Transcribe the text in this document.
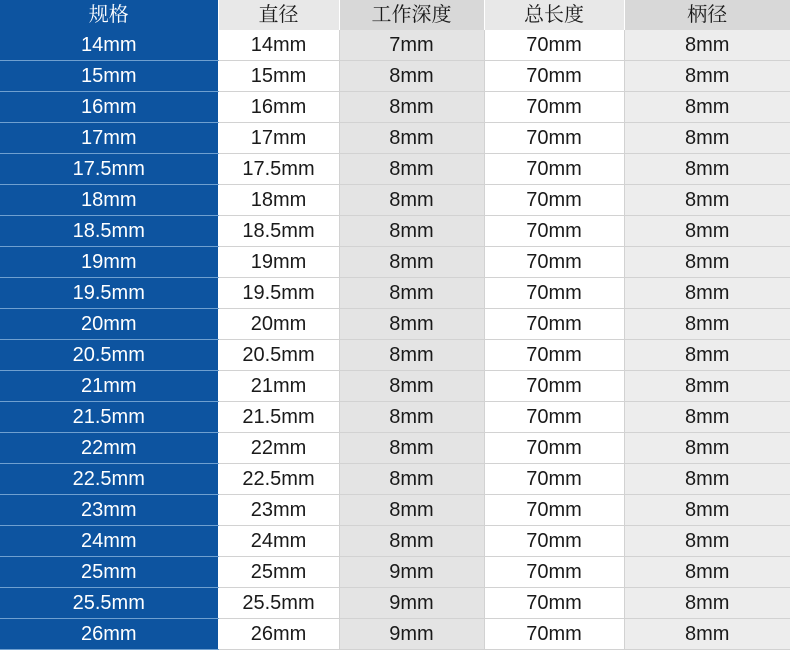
规格	直径	工作深度	总长度	柄径
14mm	14mm	7mm	70mm	8mm
15mm	15mm	8mm	70mm	8mm
16mm	16mm	8mm	70mm	8mm
17mm	17mm	8mm	70mm	8mm
17.5mm	17.5mm	8mm	70mm	8mm
18mm	18mm	8mm	70mm	8mm
18.5mm	18.5mm	8mm	70mm	8mm
19mm	19mm	8mm	70mm	8mm
19.5mm	19.5mm	8mm	70mm	8mm
20mm	20mm	8mm	70mm	8mm
20.5mm	20.5mm	8mm	70mm	8mm
21mm	21mm	8mm	70mm	8mm
21.5mm	21.5mm	8mm	70mm	8mm
22mm	22mm	8mm	70mm	8mm
22.5mm	22.5mm	8mm	70mm	8mm
23mm	23mm	8mm	70mm	8mm
24mm	24mm	8mm	70mm	8mm
25mm	25mm	9mm	70mm	8mm
25.5mm	25.5mm	9mm	70mm	8mm
26mm	26mm	9mm	70mm	8mm
